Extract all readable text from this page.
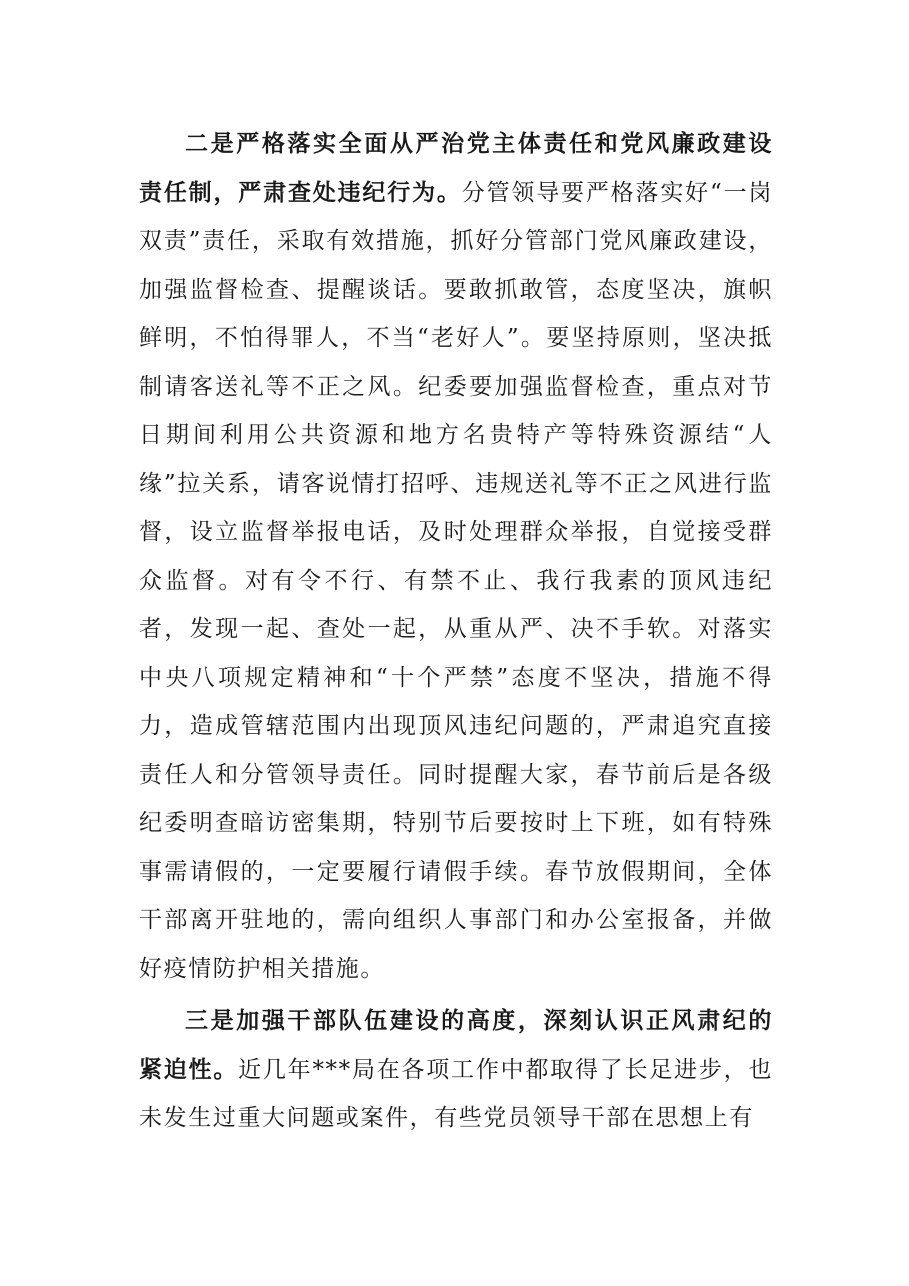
二是严格落实全面从严治党主体责任和党风廉政建设责任制，严肃查处违纪行为。分管领导要严格落实好“一岗双责”责任，采取有效措施，抓好分管部门党风廉政建设，加强监督检查、提醒谈话。要敢抓敢管，态度坚决，旗帜鲜明，不怕得罪人，不当“老好人”。要坚持原则，坚决抵制请客送礼等不正之风。纪委要加强监督检查，重点对节日期间利用公共资源和地方名贵特产等特殊资源结“人缘”拉关系，请客说情打招呼、违规送礼等不正之风进行监督，设立监督举报电话，及时处理群众举报，自觉接受群众监督。对有令不行、有禁不止、我行我素的顶风违纪者，发现一起、查处一起，从重从严、决不手软。对落实中央八项规定精神和“十个严禁”态度不坚决，措施不得力，造成管辖范围内出现顶风违纪问题的，严肃追究直接责任人和分管领导责任。同时提醒大家，春节前后是各级纪委明查暗访密集期，特别节后要按时上下班，如有特殊事需请假的，一定要履行请假手续。春节放假期间，全体干部离开驻地的，需向组织人事部门和办公室报备，并做好疫情防护相关措施。

三是加强干部队伍建设的高度，深刻认识正风肃纪的紧迫性。近几年***局在各项工作中都取得了长足进步，也未发生过重大问题或案件，有些党员领导干部在思想上有
